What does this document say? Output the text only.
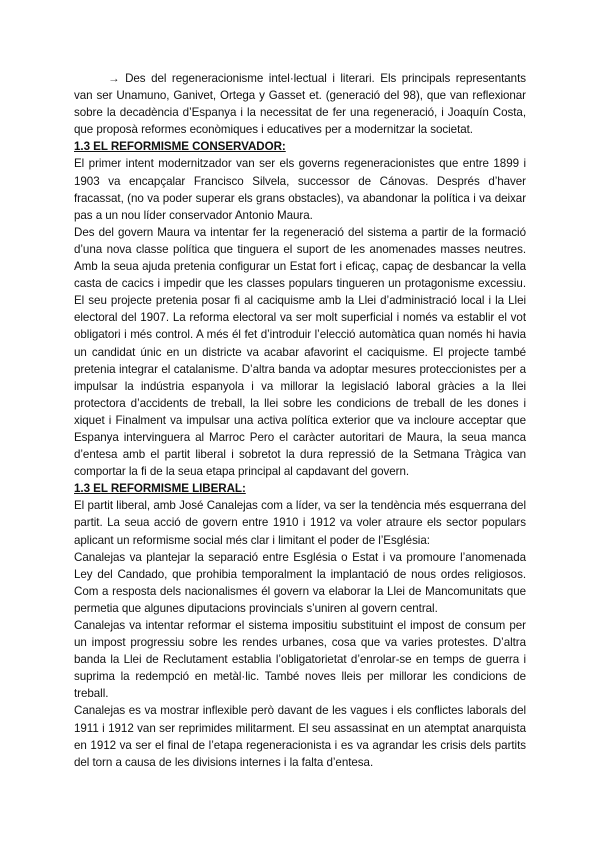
→ Des del regeneracionisme intel·lectual i literari. Els principals representants van ser Unamuno, Ganivet, Ortega y Gasset et. (generació del 98), que van reflexionar sobre la decadència d’Espanya i la necessitat de fer una regeneració, i Joaquín Costa, que proposà reformes econòmiques i educatives per a modernitzar la societat.

1.3 EL REFORMISME CONSERVADOR:

El primer intent modernitzador van ser els governs regeneracionistes que entre 1899 i 1903 va encapçalar Francisco Silvela, successor de Cánovas. Després d’haver fracassat, (no va poder superar els grans obstacles), va abandonar la política i va deixar pas a un nou líder conservador Antonio Maura.

Des del govern Maura va intentar fer la regeneració del sistema a partir de la formació d’una nova classe política que tinguera el suport de les anomenades masses neutres. Amb la seua ajuda pretenia configurar un Estat fort i eficaç, capaç de desbancar la vella casta de cacics i impedir que les classes populars tingueren un protagonisme excessiu. El seu projecte pretenia posar fi al caciquisme amb la Llei d’administració local i la Llei electoral del 1907. La reforma electoral va ser molt superficial i només va establir el vot obligatori i més control. A més él fet d’introduir l’elecció automàtica quan només hi havia un candidat únic en un districte va acabar afavorint el caciquisme. El projecte també pretenia integrar el catalanisme. D’altra banda va adoptar mesures proteccionistes per a impulsar la indústria espanyola i va millorar la legislació laboral gràcies a la llei protectora d’accidents de treball, la llei sobre les condicions de treball de les dones i xiquet i Finalment va impulsar una activa política exterior que va incloure acceptar que Espanya intervinguera al Marroc Pero el caràcter autoritari de Maura, la seua manca d’entesa amb el partit liberal i sobretot la dura repressió de la Setmana Tràgica van comportar la fi de la seua etapa principal al capdavant del govern.

1.3 EL REFORMISME LIBERAL:

El partit liberal, amb José Canalejas com a líder, va ser la tendència més esquerrana del partit. La seua acció de govern entre 1910 i 1912 va voler atraure els sector populars aplicant un reformisme social més clar i limitant el poder de l’Església:

Canalejas va plantejar la separació entre Església o Estat i va promoure l’anomenada Ley del Candado, que prohibia temporalment la implantació de nous ordes religiosos. Com a resposta dels nacionalismes él govern va elaborar la Llei de Mancomunitats que permetia que algunes diputacions provincials s’uniren al govern central.

Canalejas va intentar reformar el sistema impositiu substituint el impost de consum per un impost progressiu sobre les rendes urbanes, cosa que va varies protestes. D’altra banda la Llei de Reclutament establia l’obligatorietat d’enrolar-se en temps de guerra i suprima la redempció en metàl·lic. També noves lleis per millorar les condicions de treball.

Canalejas es va mostrar inflexible però davant de les vagues i els conflictes laborals del 1911 i 1912 van ser reprimides militarment. El seu assassinat en un atemptat anarquista en 1912 va ser el final de l’etapa regeneracionista i es va agrandar les crisis dels partits del torn a causa de les divisions internes i la falta d’entesa.
